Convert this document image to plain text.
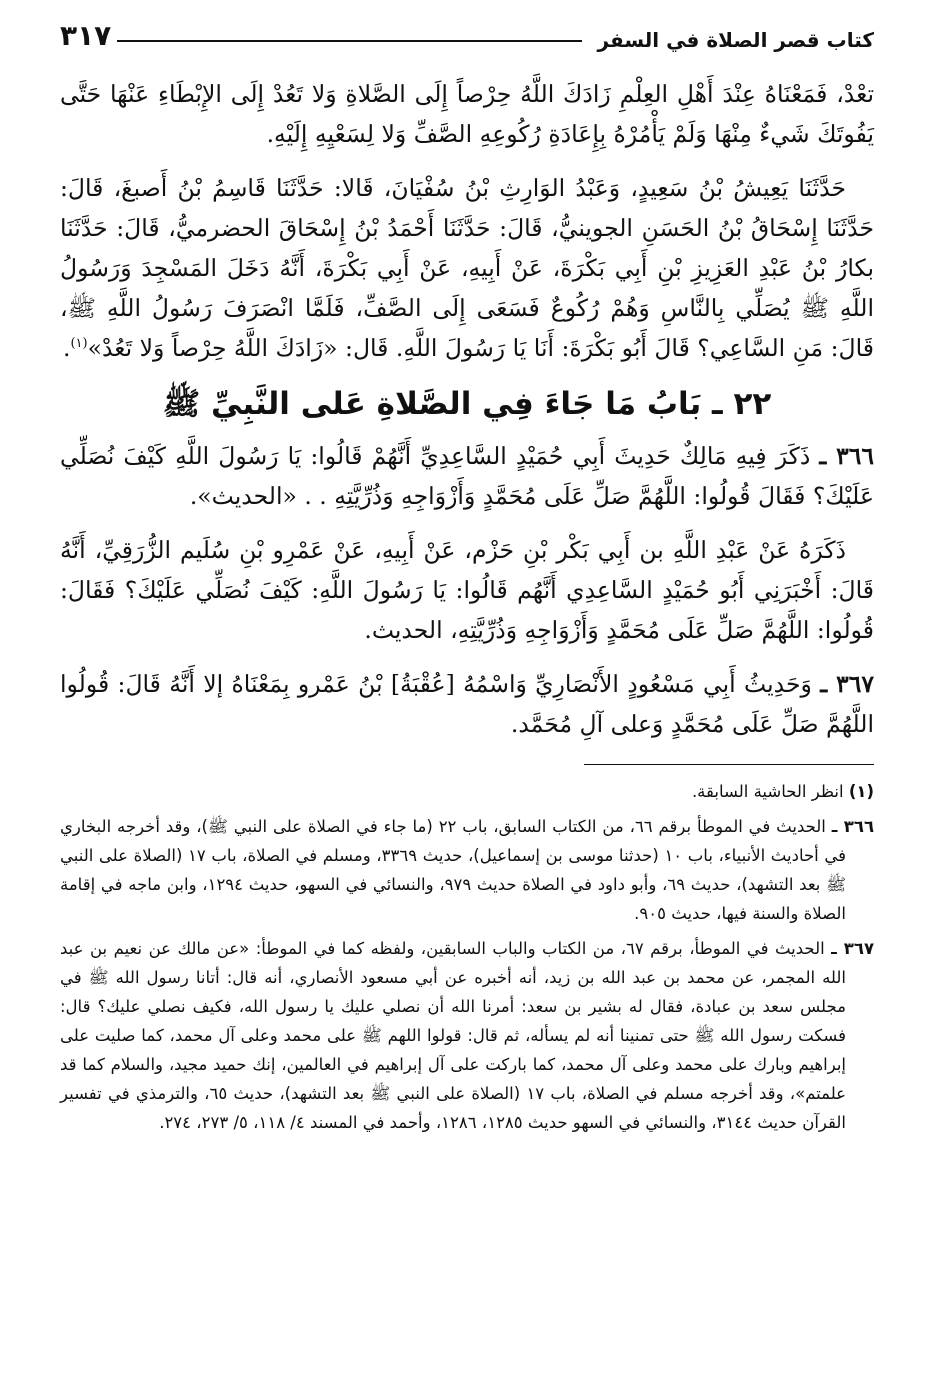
كتاب قصر الصلاة في السفر
٣١٧

تعْدْ، فَمَعْنَاهُ عِنْدَ أَهْلِ العِلْمِ زَادَكَ اللَّهُ حِرْصاً إِلَى الصَّلاةِ وَلا تَعُدْ إِلَى الإِبْطَاءِ عَنْهَا حَتَّى يَفُوتَكَ شَيءٌ مِنْهَا وَلَمْ يَأْمُرْهُ بِإِعَادَةِ رُكُوعِهِ الصَّفِّ وَلا لِسَعْيِهِ إِلَيْهِ.

حَدَّثَنَا يَعِيشُ بْنُ سَعِيدٍ، وَعَبْدُ الوَارِثِ بْنُ سُفْيَانَ، قَالا: حَدَّثَنَا قَاسِمُ بْنُ أَصبغَ، قَالَ: حَدَّثَنَا إِسْحَاقُ بْنُ الحَسَنِ الجوينيُّ، قَالَ: حَدَّثَنَا أَحْمَدُ بْنُ إِسْحَاقَ الحضرميُّ، قَالَ: حَدَّثَنَا بكارُ بْنُ عَبْدِ العَزِيزِ بْنِ أَبِي بَكْرَةَ، عَنْ أَبِيهِ، عَنْ أَبِي بَكْرَةَ، أَنَّهُ دَخَلَ المَسْجِدَ وَرَسُولُ اللَّهِ ﷺ يُصَلِّي بِالنَّاسِ وَهُمْ رُكُوعٌ فَسَعَى إِلَى الصَّفِّ، فَلَمَّا انْصَرَفَ رَسُولُ اللَّهِ ﷺ، قَالَ: مَنِ السَّاعِي؟ قَالَ أَبُو بَكْرَةَ: أَنَا يَا رَسُولَ اللَّهِ. قَال: «زَادَكَ اللَّهُ حِرْصاً وَلا تَعُدْ»$^{(١)}$.

٢٢ ـ بَابُ مَا جَاءَ فِي الصَّلاةِ عَلى النَّبِيِّ ﷺ

٣٦٦ ـ ذَكَرَ فِيهِ مَالِكٌ حَدِيثَ أَبِي حُمَيْدٍ السَّاعِدِيِّ أَنَّهُمْ قَالُوا: يَا رَسُولَ اللَّهِ كَيْفَ نُصَلِّي عَلَيْكَ؟ فَقَالَ قُولُوا: اللَّهُمَّ صَلِّ عَلَى مُحَمَّدٍ وَأَزْوَاجِهِ وَذُرِّيَّتِهِ . . «الحديث».

ذَكَرَهُ عَنْ عَبْدِ اللَّهِ بن أَبِي بَكْر بْنِ حَزْم، عَنْ أَبِيهِ، عَنْ عَمْرِو بْنِ سُلَيم الزُّرَقِيِّ، أَنَّهُ قَالَ: أَخْبَرَنِي أَبُو حُمَيْدٍ السَّاعِدِي أَنَّهُم قَالُوا: يَا رَسُولَ اللَّهِ: كَيْفَ نُصَلِّي عَلَيْكَ؟ فَقَالَ: قُولُوا: اللَّهُمَّ صَلِّ عَلَى مُحَمَّدٍ وَأَزْوَاجِهِ وَذُرِّيَّتِهِ، الحديث.

٣٦٧ ـ وَحَدِيثُ أَبِي مَسْعُودٍ الأَنْصَارِيِّ وَاسْمُهُ [عُقْبَةُ] بْنُ عَمْرو بِمَعْنَاهُ إلا أَنَّهُ قَالَ: قُولُوا اللَّهُمَّ صَلِّ عَلَى مُحَمَّدٍ وَعلى آلِ مُحَمَّد.

(١) انظر الحاشية السابقة.

٣٦٦ ـ الحديث في الموطأ برقم ٦٦، من الكتاب السابق، باب ٢٢ (ما جاء في الصلاة على النبي ﷺ)، وقد أخرجه البخاري في أحاديث الأنبياء، باب ١٠ (حدثنا موسى بن إسماعيل)، حديث ٣٣٦٩، ومسلم في الصلاة، باب ١٧ (الصلاة على النبي ﷺ بعد التشهد)، حديث ٦٩، وأبو داود في الصلاة حديث ٩٧٩، والنسائي في السهو، حديث ١٢٩٤، وابن ماجه في إقامة الصلاة والسنة فيها، حديث ٩٠٥.

٣٦٧ ـ الحديث في الموطأ، برقم ٦٧، من الكتاب والباب السابقين، ولفظه كما في الموطأ: «عن مالك عن نعيم بن عبد الله المجمر، عن محمد بن عبد الله بن زيد، أنه أخبره عن أبي مسعود الأنصاري، أنه قال: أتانا رسول الله ﷺ في مجلس سعد بن عبادة، فقال له بشير بن سعد: أمرنا الله أن نصلي عليك يا رسول الله، فكيف نصلي عليك؟ قال: فسكت رسول الله ﷺ حتى تمنينا أنه لم يسأله، ثم قال: قولوا اللهم ﷺ على محمد وعلى آل محمد، كما صليت على إبراهيم وبارك على محمد وعلى آل محمد، كما باركت على آل إبراهيم في العالمين، إنك حميد مجيد، والسلام كما قد علمتم»، وقد أخرجه مسلم في الصلاة، باب ١٧ (الصلاة على النبي ﷺ بعد التشهد)، حديث ٦٥، والترمذي في تفسير القرآن حديث ٣١٤٤، والنسائي في السهو حديث ١٢٨٥، ١٢٨٦، وأحمد في المسند ٤/ ١١٨، ٥/ ٢٧٣، ٢٧٤.
